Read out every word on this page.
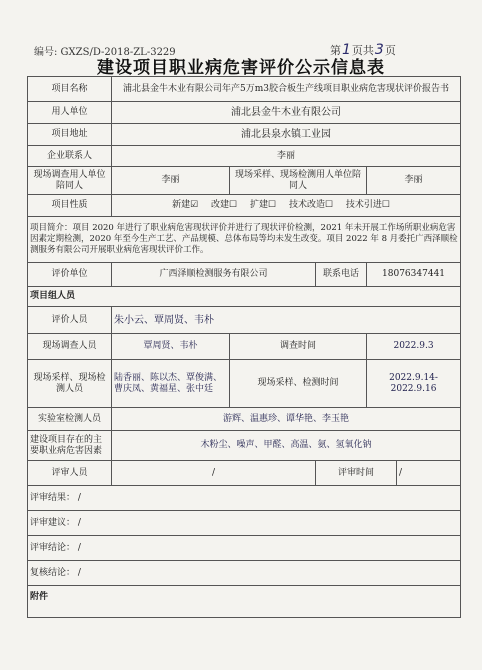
编号: GXZS/D-2018-ZL-3229	第1页共3页
建设项目职业病危害评价公示信息表
项目名称	浦北县金牛木业有限公司年产5万m3胶合板生产线项目职业病危害现状评价报告书				
用人单位	浦北县金牛木业有限公司				
项目地址	浦北县泉水镇工业园				
企业联系人	李丽				
现场调查用人单位陪同人	李丽	现场采样、现场检测用人单位陪同人		李丽	
项目性质	新建☑ 改建☐ 扩建☐ 技术改造☐ 技术引进☐				
项目简介：项目 2020 年进行了职业病危害现状评价并进行了现状评价检测，2021 年未开展工作场所职业病危害因素定期检测，2020 年至今生产工艺、产品规模、总体布局等均未发生改变。项目 2022 年 8 月委托广西泽顺检测服务有限公司开展职业病危害现状评价工作。					
评价单位	广西泽顺检测服务有限公司		联系电话	18076347441	
项目组人员					
评价人员	朱小云、覃周贤、韦朴				
现场调查人员	覃周贤、韦朴	调查时间		2022.9.3	
现场采样、现场检测人员	陆香丽、陈以杰、覃俊满、曹庆凤、黄福星、张中廷	现场采样、检测时间		2022.9.14-2022.9.16	
实验室检测人员	游辉、温惠珍、谭华艳、李玉艳				
建设项目存在的主要职业病危害因素	木粉尘、噪声、甲醛、高温、氨、氢氧化钠				
评审人员	/		评审时间		/
评审结果： /					
评审建议： /					
评审结论： /					
复核结论： /					
附件					
